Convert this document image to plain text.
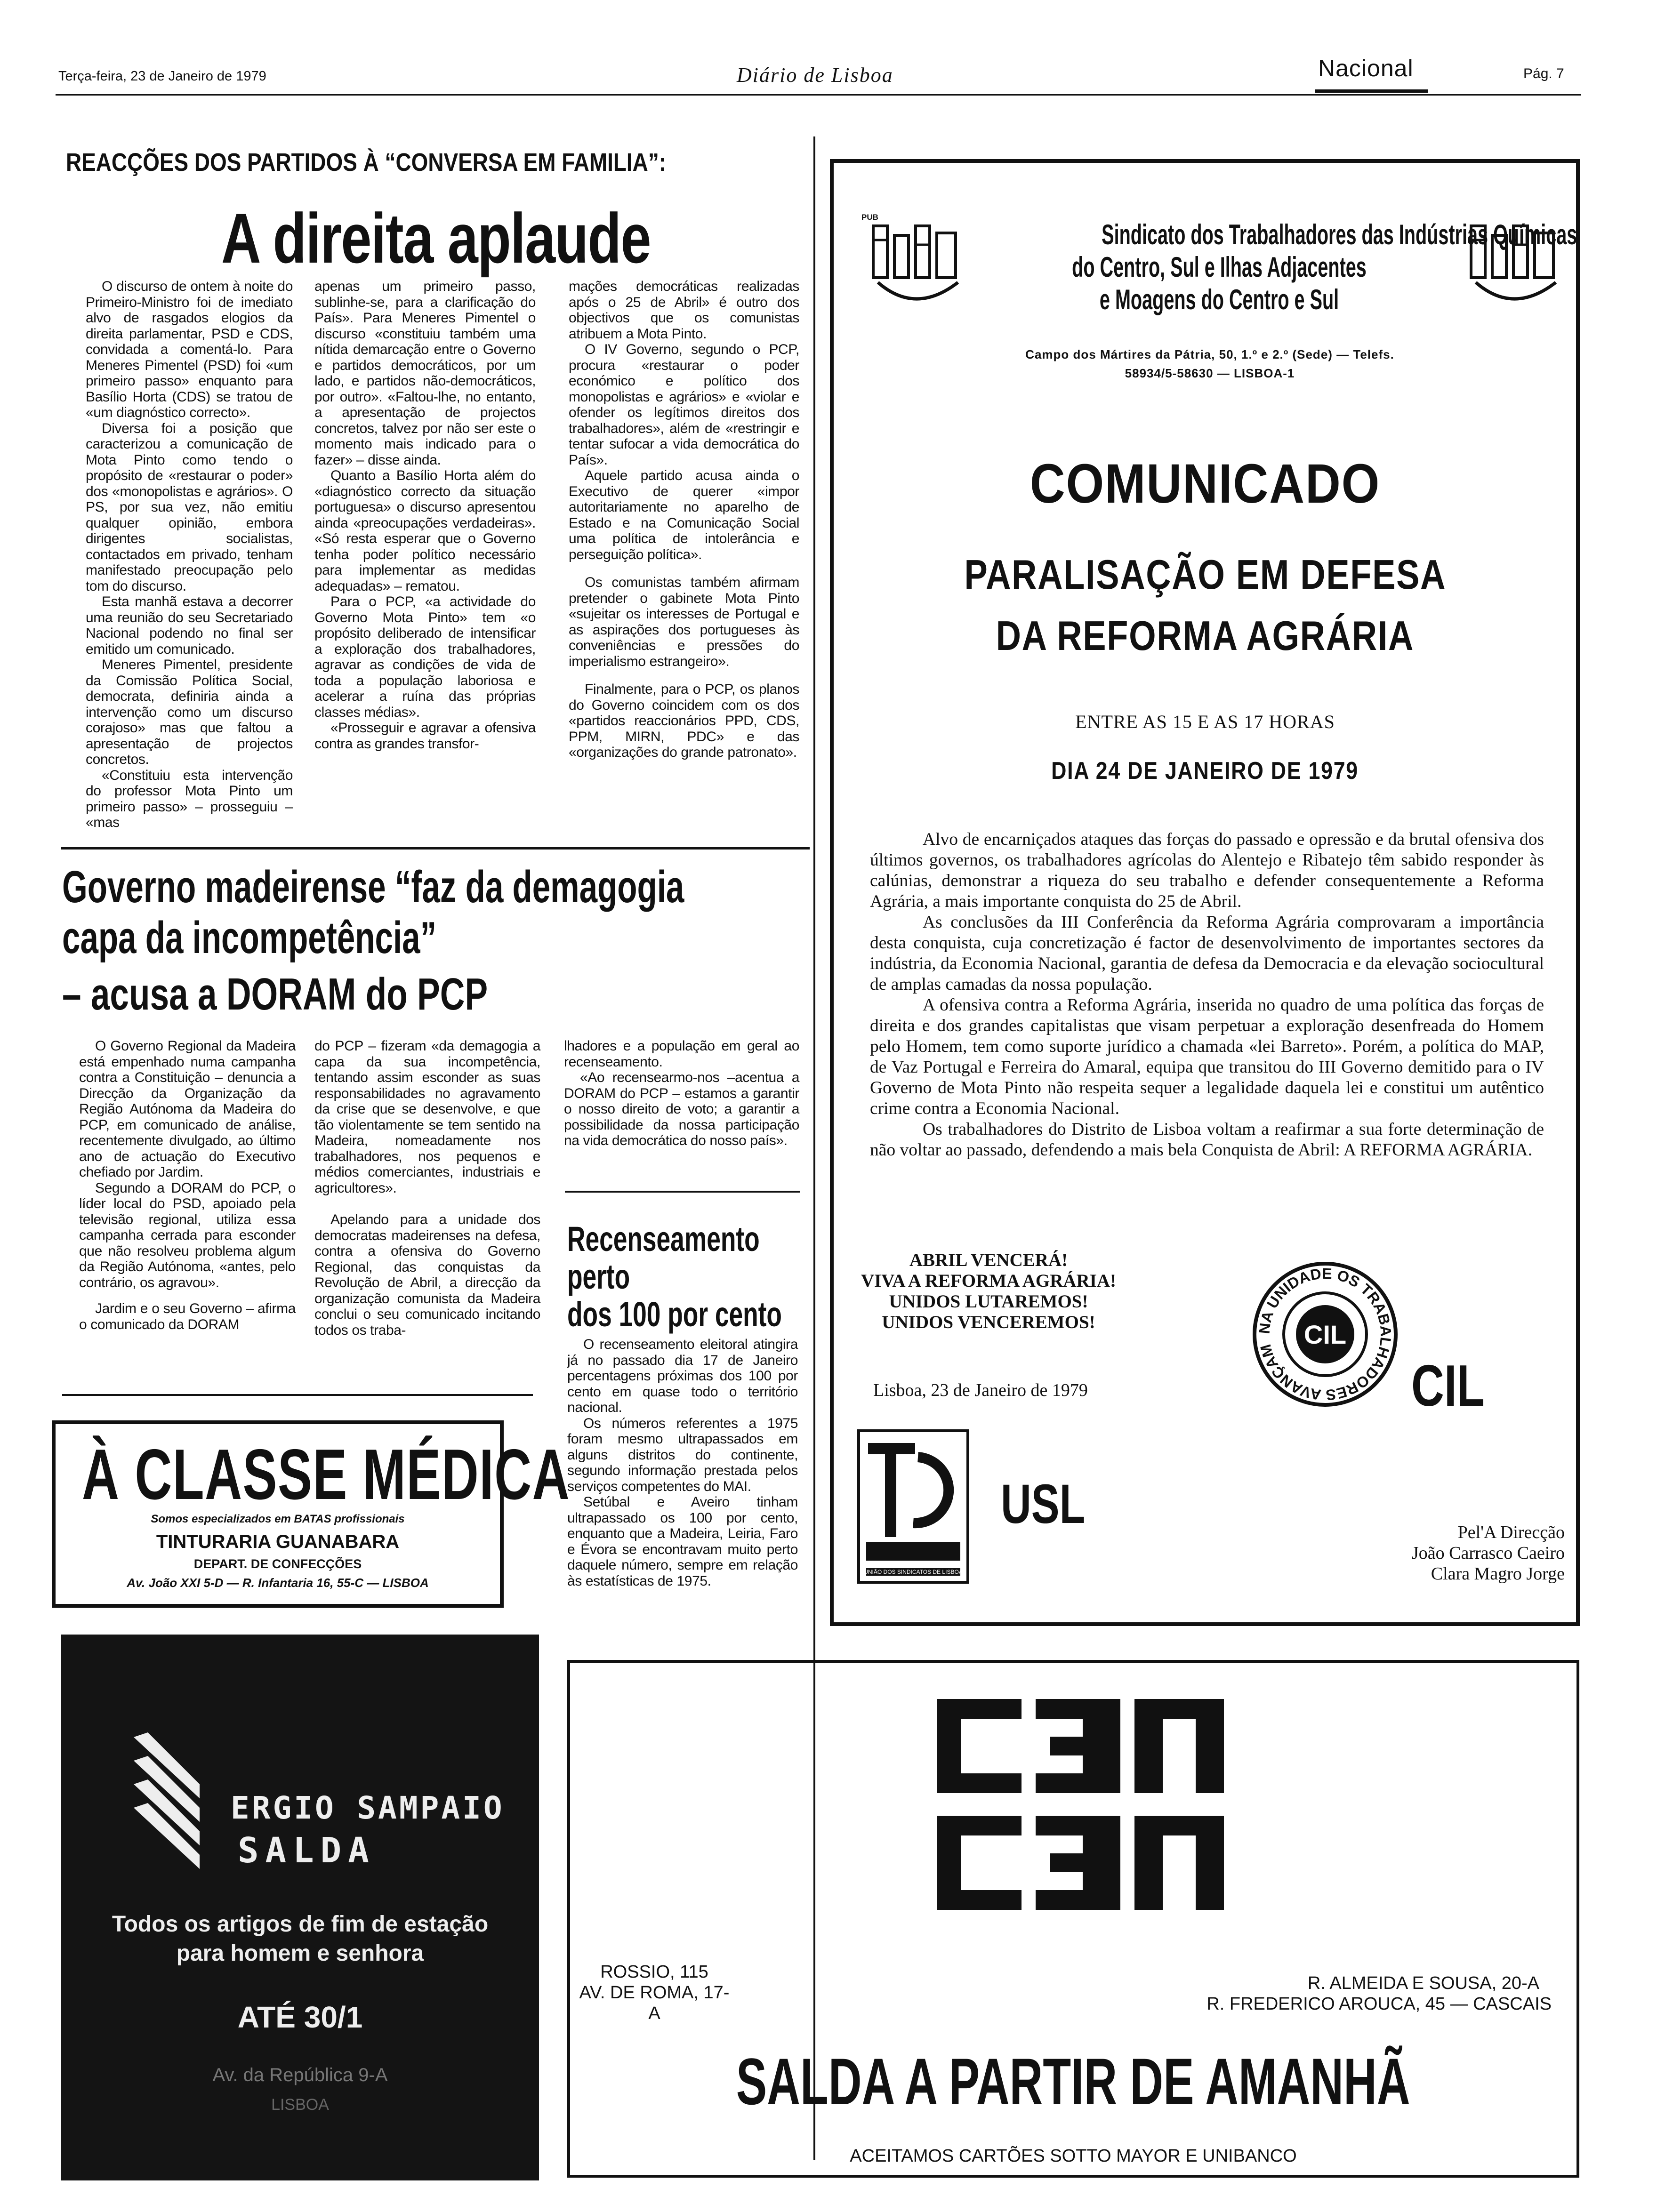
Terça-feira, 23 de Janeiro de 1979	Diário de Lisboa	Nacional	Pág. 7
REACÇÕES DOS PARTIDOS À “CONVERSA EM FAMILIA”:
A direita aplaude

O discurso de ontem à noite do Primeiro-Ministro foi de imediato alvo de rasgados elogios da direita parlamentar, PSD e CDS, convidada a comentá-lo. Para Meneres Pimentel (PSD) foi «um primeiro passo» enquanto para Basílio Horta (CDS) se tratou de «um diagnóstico correcto».

Diversa foi a posição que caracterizou a comunicação de Mota Pinto como tendo o propósito de «restaurar o poder» dos «monopolistas e agrários». O PS, por sua vez, não emitiu qualquer opinião, embora dirigentes socialistas, contactados em privado, tenham manifestado preocupação pelo tom do discurso.

Esta manhã estava a decorrer uma reunião do seu Secretariado Nacional podendo no final ser emitido um comunicado.

Meneres Pimentel, presidente da Comissão Política Social, democrata, definiria ainda a intervenção como um discurso corajoso» mas que faltou a apresentação de projectos concretos.

«Constituiu esta intervenção do professor Mota Pinto um primeiro passo» – prosseguiu – «mas

apenas um primeiro passo, sublinhe-se, para a clarificação do País». Para Meneres Pimentel o discurso «constituiu também uma nítida demarcação entre o Governo e partidos democráticos, por um lado, e partidos não-democráticos, por outro». «Faltou-lhe, no entanto, a apresentação de projectos concretos, talvez por não ser este o momento mais indicado para o fazer» – disse ainda.

Quanto a Basílio Horta além do «diagnóstico correcto da situação portuguesa» o discurso apresentou ainda «preocupações verdadeiras». «Só resta esperar que o Governo tenha poder político necessário para implementar as medidas adequadas» – rematou.

Para o PCP, «a actividade do Governo Mota Pinto» tem «o propósito deliberado de intensificar a exploração dos trabalhadores, agravar as condições de vida de toda a população laboriosa e acelerar a ruína das próprias classes médias».

«Prosseguir e agravar a ofensiva contra as grandes transfor-

mações democráticas realizadas após o 25 de Abril» é outro dos objectivos que os comunistas atribuem a Mota Pinto.

O IV Governo, segundo o PCP, procura «restaurar o poder económico e político dos monopolistas e agrários» e «violar e ofender os legítimos direitos dos trabalhadores», além de «restringir e tentar sufocar a vida democrática do País».

Aquele partido acusa ainda o Executivo de querer «impor autoritariamente no aparelho de Estado e na Comunicação Social uma política de intolerância e perseguição política».

Os comunistas também afirmam pretender o gabinete Mota Pinto «sujeitar os interesses de Portugal e as aspirações dos portugueses às conveniências e pressões do imperialismo estrangeiro».

Finalmente, para o PCP, os planos do Governo coincidem com os dos «partidos reaccionários PPD, CDS, PPM, MIRN, PDC» e das «organizações do grande patronato».

Governo madeirense “faz da demagogia
capa da incompetência”
– acusa a DORAM do PCP

O Governo Regional da Madeira está empenhado numa campanha contra a Constituição – denuncia a Direcção da Organização da Região Autónoma da Madeira do PCP, em comunicado de análise, recentemente divulgado, ao último ano de actuação do Executivo chefiado por Jardim.

Segundo a DORAM do PCP, o líder local do PSD, apoiado pela televisão regional, utiliza essa campanha cerrada para esconder que não resolveu problema algum da Região Autónoma, «antes, pelo contrário, os agravou».

Jardim e o seu Governo – afirma o comunicado da DORAM

do PCP – fizeram «da demagogia a capa da sua incompetência, tentando assim esconder as suas responsabilidades no agravamento da crise que se desenvolve, e que tão violentamente se tem sentido na Madeira, nomeadamente nos trabalhadores, nos pequenos e médios comerciantes, industriais e agricultores».

Apelando para a unidade dos democratas madeirenses na defesa, contra a ofensiva do Governo Regional, das conquistas da Revolução de Abril, a direcção da organização comunista da Madeira conclui o seu comunicado incitando todos os traba-

lhadores e a população em geral ao recenseamento.

«Ao recensearmo-nos –acentua a DORAM do PCP – estamos a garantir o nosso direito de voto; a garantir a possibilidade da nossa participação na vida democrática do nosso país».

Recenseamento
perto
dos 100 por cento

O recenseamento eleitoral atingira já no passado dia 17 de Janeiro percentagens próximas dos 100 por cento em quase todo o território nacional.

Os números referentes a 1975 foram mesmo ultrapassados em alguns distritos do continente, segundo informação prestada pelos serviços competentes do MAI.

Setúbal e Aveiro tinham ultrapassado os 100 por cento, enquanto que a Madeira, Leiria, Faro e Évora se encontravam muito perto daquele número, sempre em relação às estatísticas de 1975.

À CLASSE MÉDICA
Somos especializados em BATAS profissionais
TINTURARIA GUANABARA
DEPART. DE CONFECÇÕES
Av. João XXI 5-D — R. Infantaria 16, 55-C — LISBOA
ERGIO SAMPAIO
SALDA
Todos os artigos de fim de estação
para homem e senhora
ATÉ 30/1
Av. da República 9-A
LISBOA
PUB
Sindicato dos Trabalhadores das Indústrias Químicas
do Centro, Sul e Ilhas Adjacentes
e Moagens do Centro e Sul
Campo dos Mártires da Pátria, 50, 1.º e 2.º (Sede) — Telefs.
58934/5-58630 — LISBOA-1
COMUNICADO
PARALISAÇÃO EM DEFESA
DA REFORMA AGRÁRIA
ENTRE AS 15 E AS 17 HORAS
DIA 24 DE JANEIRO DE 1979

Alvo de encarniçados ataques das forças do passado e opressão e da brutal ofensiva dos últimos governos, os trabalhadores agrícolas do Alentejo e Ribatejo têm sabido responder às calúnias, demonstrar a riqueza do seu trabalho e defender consequentemente a Reforma Agrária, a mais importante conquista do 25 de Abril.

As conclusões da III Conferência da Reforma Agrária comprovaram a importância desta conquista, cuja concretização é factor de desenvolvimento de importantes sectores da indústria, da Economia Nacional, garantia de defesa da Democracia e da elevação sociocultural de amplas camadas da nossa população.

A ofensiva contra a Reforma Agrária, inserida no quadro de uma política das forças de direita e dos grandes capitalistas que visam perpetuar a exploração desenfreada do Homem pelo Homem, tem como suporte jurídico a chamada «lei Barreto». Porém, a política do MAP, de Vaz Portugal e Ferreira do Amaral, equipa que transitou do III Governo demitido para o IV Governo de Mota Pinto não respeita sequer a legalidade daquela lei e constitui um autêntico crime contra a Economia Nacional.

Os trabalhadores do Distrito de Lisboa voltam a reafirmar a sua forte determinação de não voltar ao passado, defendendo a mais bela Conquista de Abril: A REFORMA AGRÁRIA.

ABRIL VENCERÁ!
VIVA A REFORMA AGRÁRIA!
UNIDOS LUTAREMOS!
UNIDOS VENCEREMOS!
Lisboa, 23 de Janeiro de 1979
NA UNIDADE OS TRABALHADORES AVANÇAM
CIL
CIL
UNIÃO DOS SINDICATOS DE LISBOA
USL	Pel'A Direcção
João Carrasco Caeiro
Clara Magro Jorge
ROSSIO, 115
AV. DE ROMA, 17-A
R. ALMEIDA E SOUSA, 20-A
R. FREDERICO AROUCA, 45 — CASCAIS
SALDA A PARTIR DE AMANHÃ
ACEITAMOS CARTÕES SOTTO MAYOR E UNIBANCO
